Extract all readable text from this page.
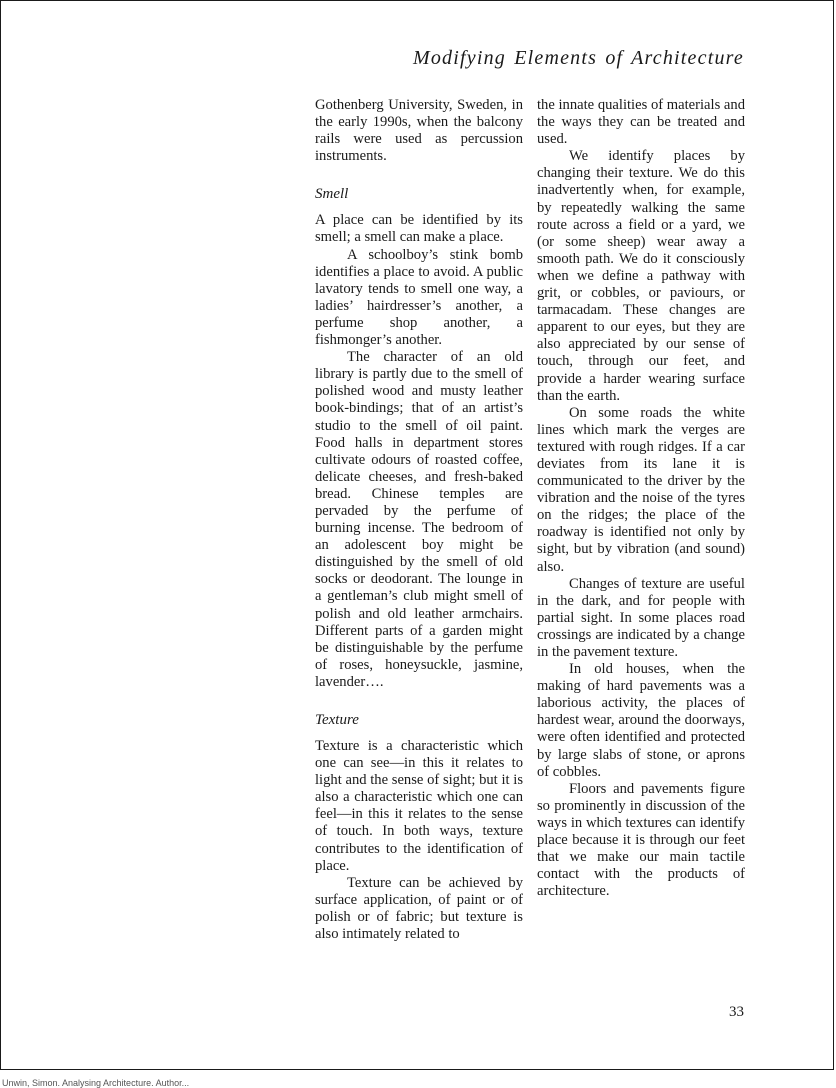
Modifying Elements of Architecture

Gothenberg University, Sweden, in the early 1990s, when the balcony rails were used as percussion instruments.

Smell

A place can be identified by its smell; a smell can make a place.

A schoolboy’s stink bomb identifies a place to avoid. A public lavatory tends to smell one way, a ladies’ hairdresser’s another, a perfume shop another, a fishmonger’s another.

The character of an old library is partly due to the smell of polished wood and musty leather book-bindings; that of an artist’s studio to the smell of oil paint. Food halls in department stores cultivate odours of roasted coffee, delicate cheeses, and fresh-baked bread. Chinese temples are pervaded by the perfume of burning incense. The bedroom of an adolescent boy might be distinguished by the smell of old socks or deodorant. The lounge in a gentleman’s club might smell of polish and old leather armchairs. Different parts of a garden might be distinguishable by the perfume of roses, honeysuckle, jasmine, lavender….

Texture

Texture is a characteristic which one can see—in this it relates to light and the sense of sight; but it is also a characteristic which one can feel—in this it relates to the sense of touch. In both ways, texture contributes to the identification of place.

Texture can be achieved by surface application, of paint or of polish or of fabric; but texture is also intimately related to

the innate qualities of materials and the ways they can be treated and used.

We identify places by changing their texture. We do this inadvertently when, for example, by repeatedly walking the same route across a field or a yard, we (or some sheep) wear away a smooth path. We do it consciously when we define a pathway with grit, or cobbles, or paviours, or tarmacadam. These changes are apparent to our eyes, but they are also appreciated by our sense of touch, through our feet, and provide a harder wearing surface than the earth.

On some roads the white lines which mark the verges are textured with rough ridges. If a car deviates from its lane it is communicated to the driver by the vibration and the noise of the tyres on the ridges; the place of the roadway is identified not only by sight, but by vibration (and sound) also.

Changes of texture are useful in the dark, and for people with partial sight. In some places road crossings are indicated by a change in the pavement texture.

In old houses, when the making of hard pavements was a laborious activity, the places of hardest wear, around the doorways, were often identified and protected by large slabs of stone, or aprons of cobbles.

Floors and pavements figure so prominently in discussion of the ways in which textures can identify place because it is through our feet that we make our main tactile contact with the products of architecture.

33

Unwin, Simon. Analysing Architecture. Author...
